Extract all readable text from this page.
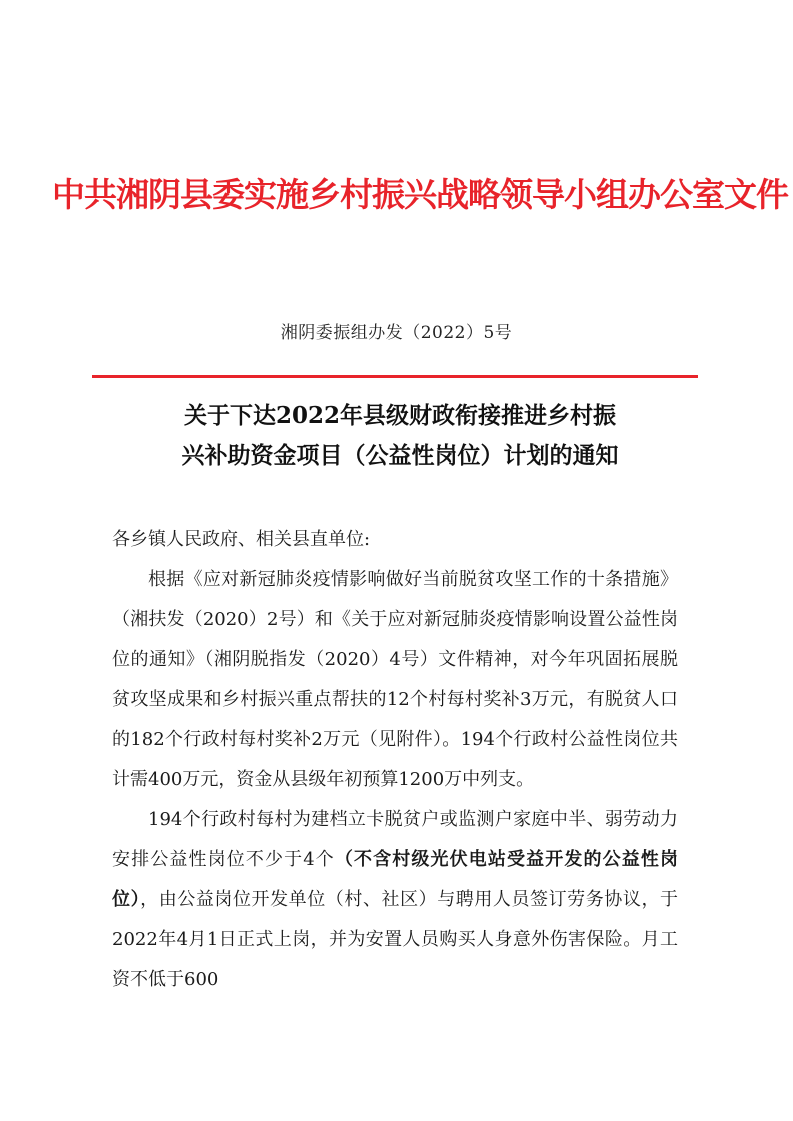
中共湘阴县委实施乡村振兴战略领导小组办公室文件
湘阴委振组办发（2022）5号
关于下达2022年县级财政衔接推进乡村振
兴补助资金项目（公益性岗位）计划的通知

各乡镇人民政府、相关县直单位:

根据《应对新冠肺炎疫情影响做好当前脱贫攻坚工作的十条措施》（湘扶发（2020）2号）和《关于应对新冠肺炎疫情影响设置公益性岗位的通知》（湘阴脱指发（2020）4号）文件精神，对今年巩固拓展脱贫攻坚成果和乡村振兴重点帮扶的12个村每村奖补3万元，有脱贫人口的182个行政村每村奖补2万元（见附件）。194个行政村公益性岗位共计需400万元，资金从县级年初预算1200万中列支。

194个行政村每村为建档立卡脱贫户或监测户家庭中半、弱劳动力安排公益性岗位不少于4个（不含村级光伏电站受益开发的公益性岗位），由公益岗位开发单位（村、社区）与聘用人员签订劳务协议，于2022年4月1日正式上岗，并为安置人员购买人身意外伤害保险。月工资不低于600
